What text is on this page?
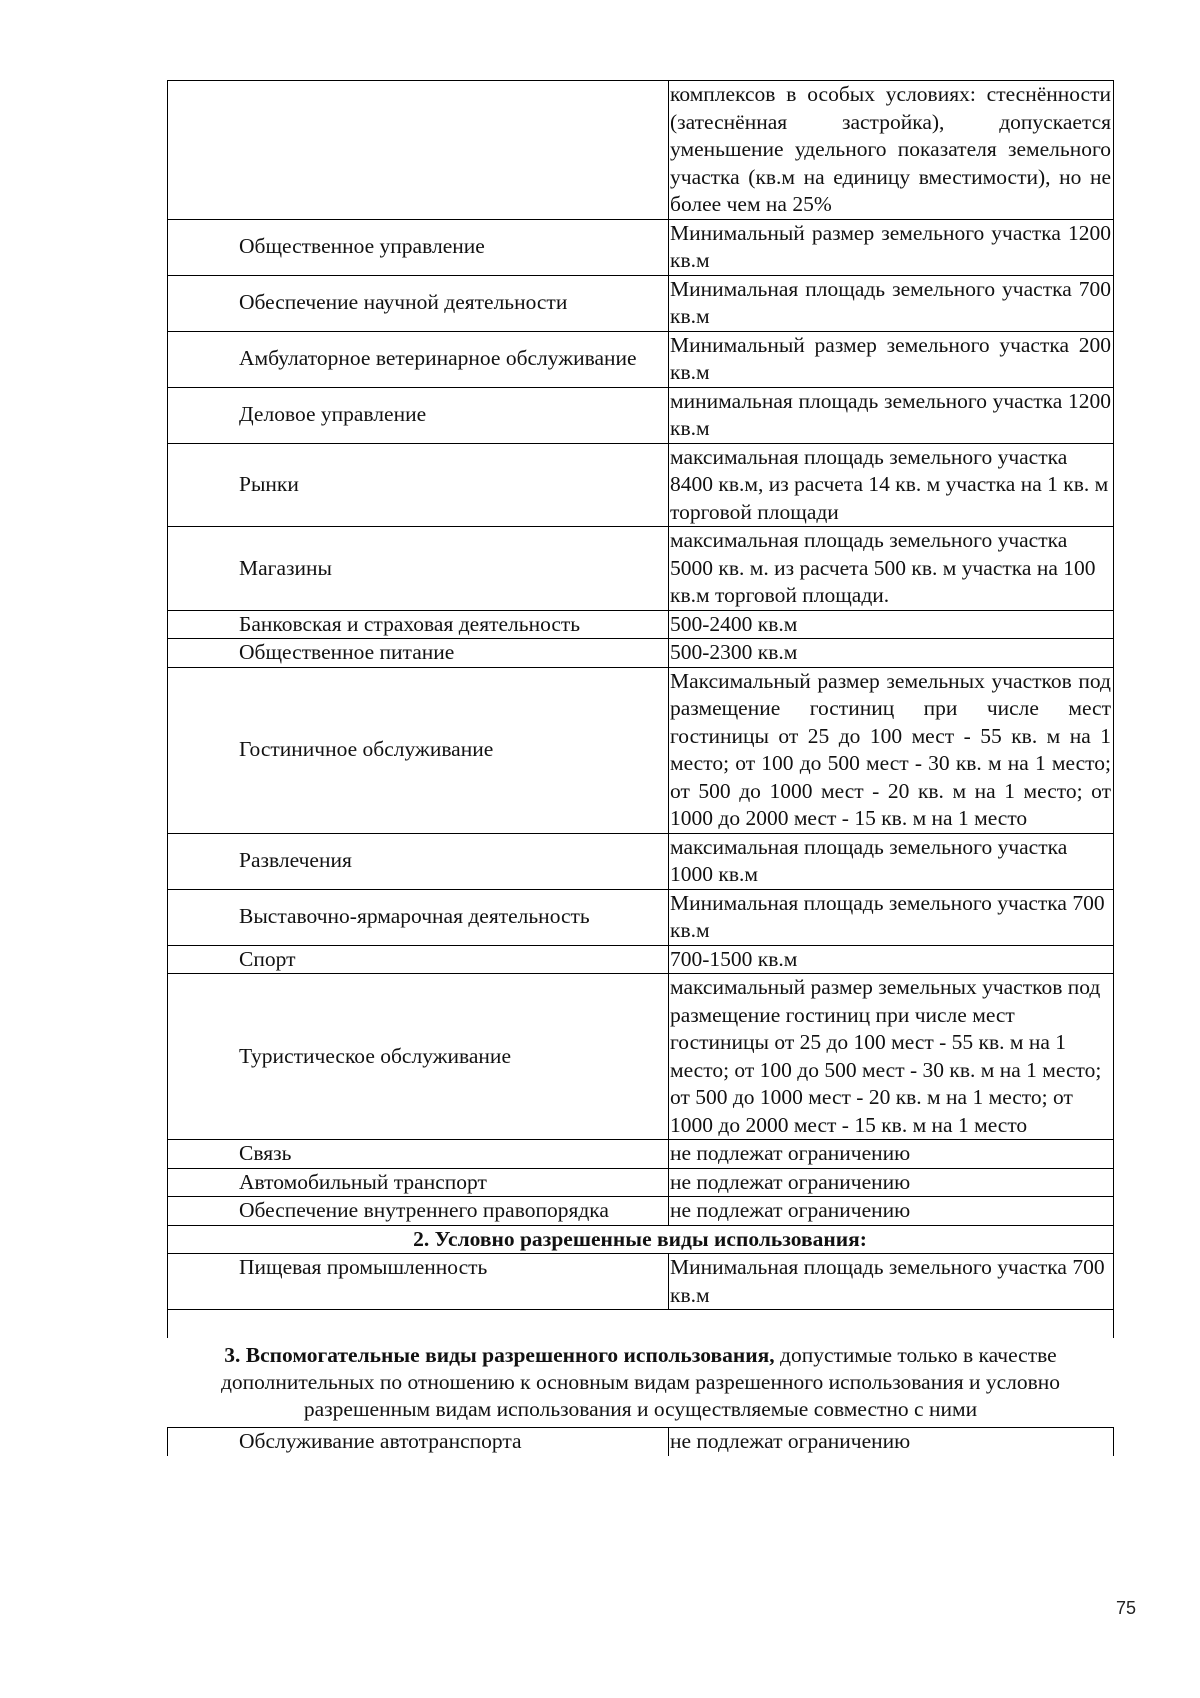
	комплексов в особых условиях: стеснённости (затеснённая застройка), допускается уменьшение удельного показателя земельного участка (кв.м на единицу вместимости), но не более чем на 25%
Общественное управление	Минимальный размер земельного участка 1200 кв.м
Обеспечение научной деятельности	Минимальная площадь земельного участка 700 кв.м
Амбулаторное ветеринарное обслуживание	Минимальный размер земельного участка 200 кв.м
Деловое управление	минимальная площадь земельного участка 1200 кв.м
Рынки	максимальная площадь земельного участка 8400 кв.м, из расчета 14 кв. м участка на 1 кв. м торговой площади
Магазины	максимальная площадь земельного участка 5000 кв. м. из расчета 500 кв. м участка на 100 кв.м торговой площади.
Банковская и страховая деятельность	500-2400 кв.м
Общественное питание	500-2300 кв.м
Гостиничное обслуживание	Максимальный размер земельных участков под размещение гостиниц при числе мест гостиницы от 25 до 100 мест - 55 кв. м на 1 место; от 100 до 500 мест - 30 кв. м на 1 место; от 500 до 1000 мест - 20 кв. м на 1 место; от 1000 до 2000 мест - 15 кв. м на 1 место
Развлечения	максимальная площадь земельного участка 1000 кв.м
Выставочно-ярмарочная деятельность	Минимальная площадь земельного участка 700 кв.м
Спорт	700-1500 кв.м
Туристическое обслуживание	максимальный размер земельных участков под размещение гостиниц при числе мест гостиницы от 25 до 100 мест - 55 кв. м на 1 место; от 100 до 500 мест - 30 кв. м на 1 место; от 500 до 1000 мест - 20 кв. м на 1 место; от 1000 до 2000 мест - 15 кв. м на 1 место
Связь	не подлежат ограничению
Автомобильный транспорт	не подлежат ограничению
Обеспечение внутреннего правопорядка	не подлежат ограничению
2. Условно разрешенные виды использования:	
Пищевая промышленность	Минимальная площадь земельного участка 700 кв.м

3. Вспомогательные виды разрешенного использования, допустимые только в качестве дополнительных по отношению к основным видам разрешенного использования и условно разрешенным видам использования и осуществляемые совместно с ними	
Обслуживание автотранспорта	не подлежат ограничению
75
